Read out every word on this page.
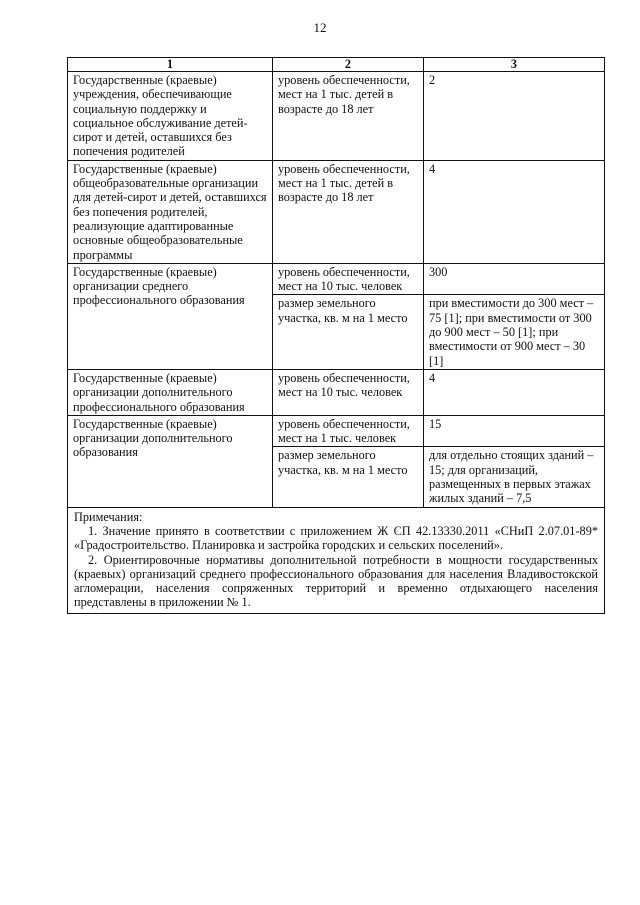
12
1	2	3
Государственные (краевые) учреждения, обеспечивающие социальную поддержку и социальное обслуживание детей-сирот и детей, оставшихся без попечения родителей	уровень обеспеченности, мест на 1 тыс. детей в возрасте до 18 лет	2
Государственные (краевые) общеобразовательные организации для детей-сирот и детей, оставшихся без попечения родителей, реализующие адаптированные основные общеобразовательные программы	уровень обеспеченности, мест на 1 тыс. детей в возрасте до 18 лет	4
Государственные (краевые) организации среднего профессионального образования	уровень обеспеченности, мест на 10 тыс. человек	300
	размер земельного участка, кв. м на 1 место	при вместимости до 300 мест – 75 [1]; при вместимости от 300 до 900 мест – 50 [1]; при вместимости от 900 мест – 30 [1]
Государственные (краевые) организации дополнительного профессионального образования	уровень обеспеченности, мест на 10 тыс. человек	4
Государственные (краевые) организации дополнительного образования	уровень обеспеченности, мест на 1 тыс. человек	15
	размер земельного участка, кв. м на 1 место	для отдельно стоящих зданий – 15; для организаций, размещенных в первых этажах жилых зданий – 7,5

Примечания:

1. Значение принято в соответствии с приложением Ж СП 42.13330.2011 «СНиП 2.07.01-89* «Градостроительство. Планировка и застройка городских и сельских поселений».

2. Ориентировочные нормативы дополнительной потребности в мощности государственных (краевых) организаций среднего профессионального образования для населения Владивостокской агломерации, населения сопряженных территорий и временно отдыхающего населения представлены в приложении № 1.		
